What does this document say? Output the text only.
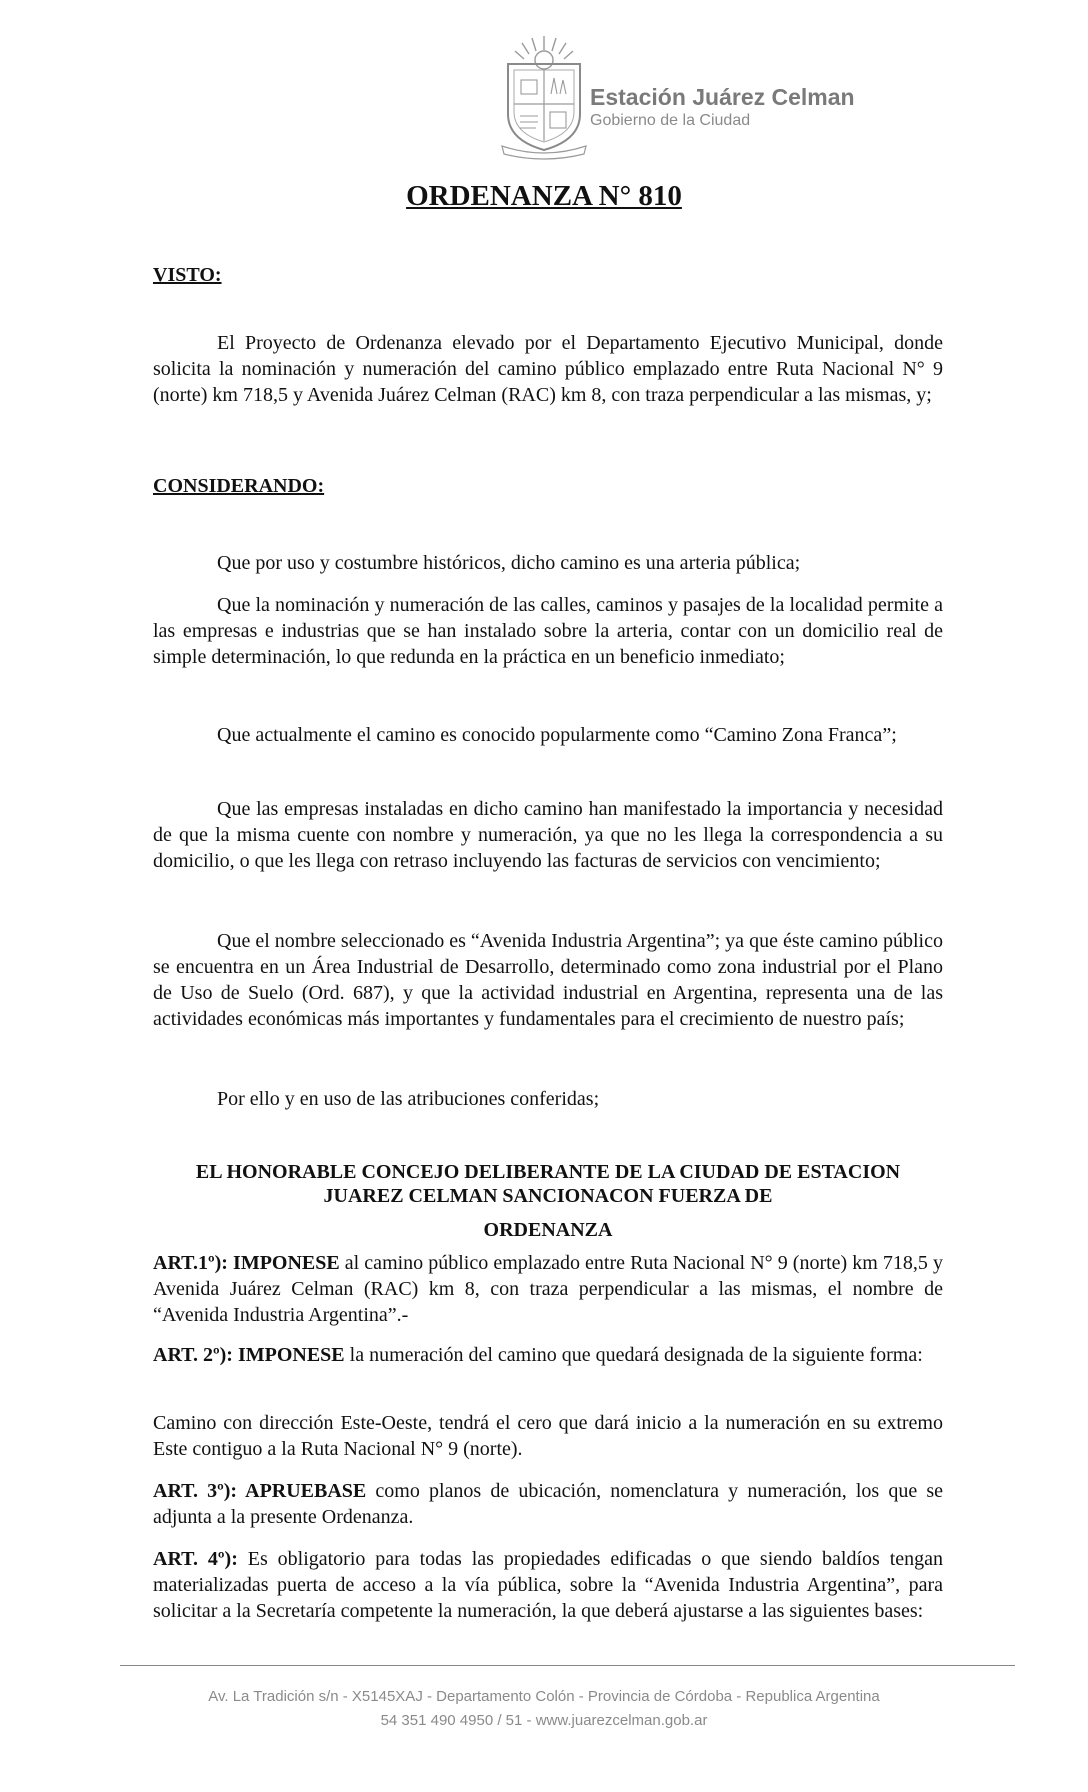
Estación Juárez Celman
Gobierno de la Ciudad
ORDENANZA N° 810
VISTO:
El Proyecto de Ordenanza elevado por el Departamento Ejecutivo Municipal, donde solicita la nominación y numeración del camino público emplazado entre Ruta Nacional N° 9 (norte) km 718,5 y Avenida Juárez Celman (RAC) km 8, con traza perpendicular a las mismas, y;
CONSIDERANDO:
Que por uso y costumbre históricos, dicho camino es una arteria pública;
Que la nominación y numeración de las calles, caminos y pasajes de la localidad permite a las empresas e industrias que se han instalado sobre la arteria, contar con un domicilio real de simple determinación, lo que redunda en la práctica en un beneficio inmediato;
Que actualmente el camino es conocido popularmente como “Camino Zona Franca”;
Que las empresas instaladas en dicho camino han manifestado la importancia y necesidad de que la misma cuente con nombre y numeración, ya que no les llega la correspondencia a su domicilio, o que les llega con retraso incluyendo las facturas de servicios con vencimiento;
Que el nombre seleccionado es “Avenida Industria Argentina”; ya que éste camino público se encuentra en un Área Industrial de Desarrollo, determinado como zona industrial por el Plano de Uso de Suelo (Ord. 687), y que la actividad industrial en Argentina, representa una de las actividades económicas más importantes y fundamentales para el crecimiento de nuestro país;
Por ello y en uso de las atribuciones conferidas;
EL HONORABLE CONCEJO DELIBERANTE DE LA CIUDAD DE ESTACION
JUAREZ CELMAN SANCIONACON FUERZA DE
ORDENANZA
ART.1º): IMPONESE al camino público emplazado entre Ruta Nacional N° 9 (norte) km 718,5 y Avenida Juárez Celman (RAC) km 8, con traza perpendicular a las mismas, el nombre de “Avenida Industria Argentina”.-
ART. 2º): IMPONESE la numeración del camino que quedará designada de la siguiente forma:
Camino con dirección Este-Oeste, tendrá el cero que dará inicio a la numeración en su extremo Este contiguo a la Ruta Nacional N° 9 (norte).
ART. 3º): APRUEBASE como planos de ubicación, nomenclatura y numeración, los que se adjunta a la presente Ordenanza.
ART. 4º): Es obligatorio para todas las propiedades edificadas o que siendo baldíos tengan materializadas puerta de acceso a la vía pública, sobre la “Avenida Industria Argentina”, para solicitar a la Secretaría competente la numeración, la que deberá ajustarse a las siguientes bases:
Av. La Tradición s/n - X5145XAJ - Departamento Colón - Provincia de Córdoba - Republica Argentina
54 351 490 4950 / 51 - www.juarezcelman.gob.ar
